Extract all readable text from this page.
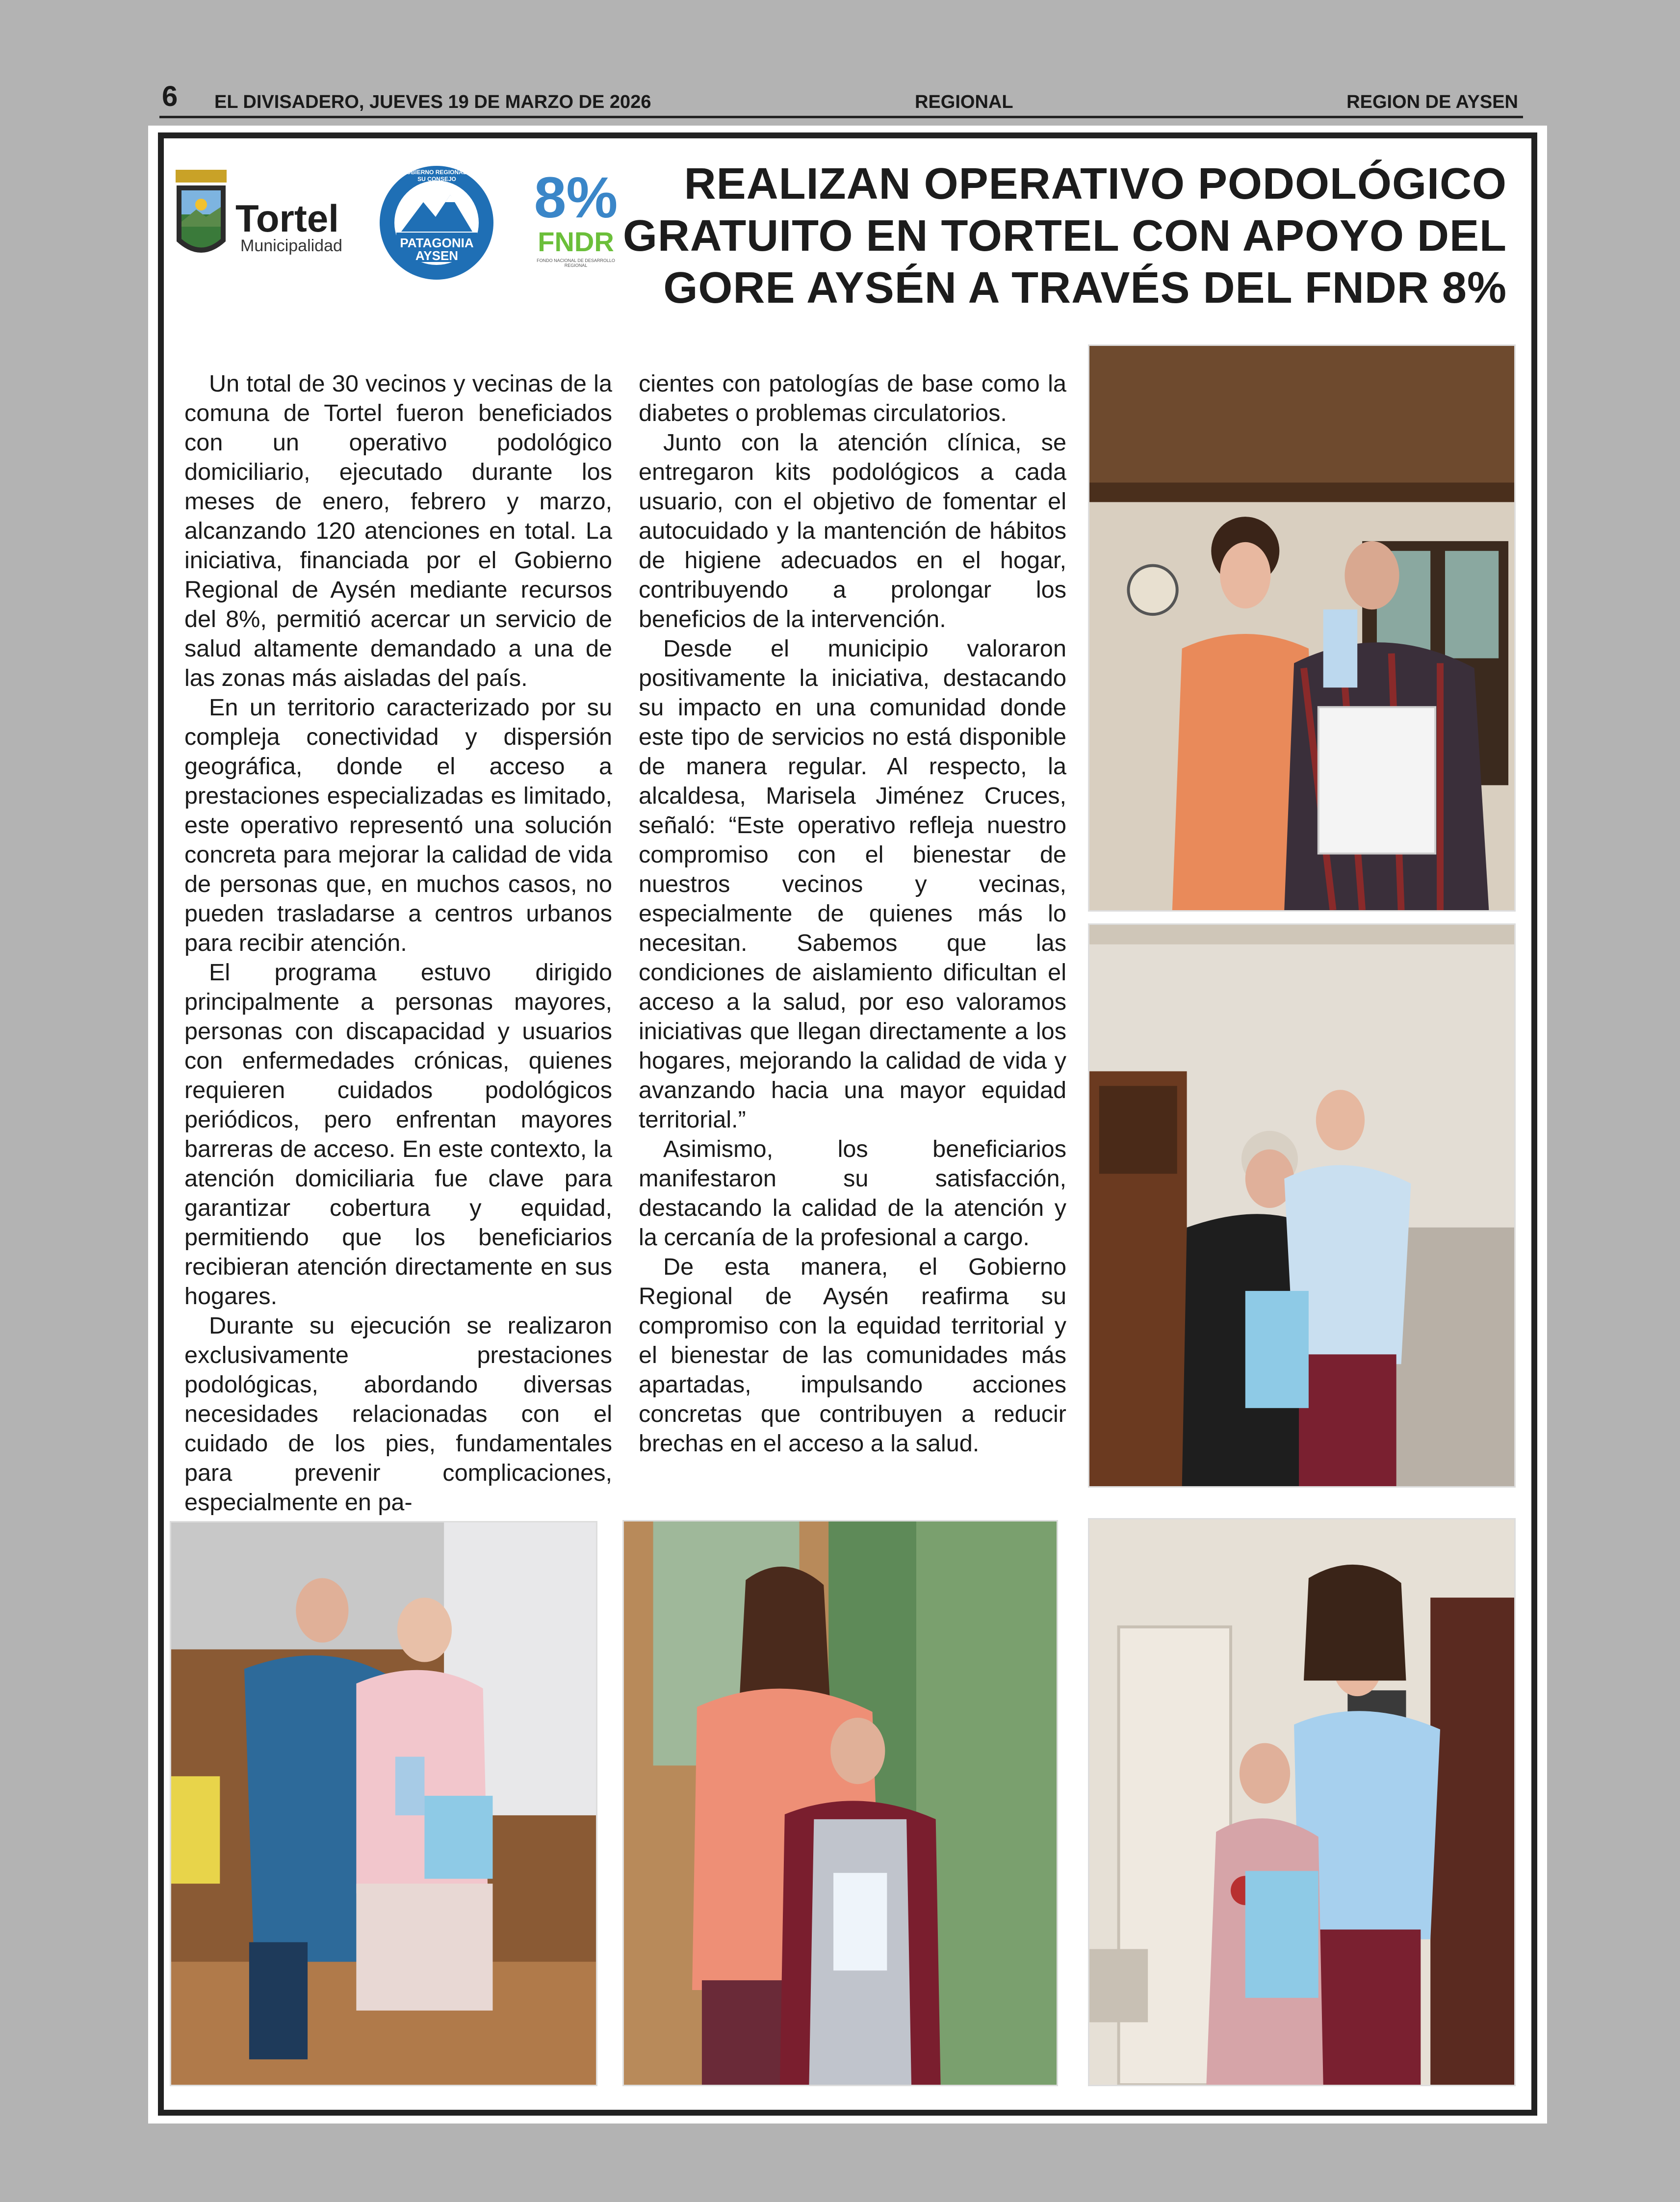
6 EL DIVISADERO, JUEVES 19 DE MARZO DE 2026	REGIONAL	REGION DE AYSEN
Tortel
Municipalidad
GOBIERNO REGIONAL Y SU CONSEJO
PATAGONIA
AYSEN
8%
FNDR
FONDO NACIONAL DE DESARROLLO REGIONAL
REALIZAN OPERATIVO PODOLÓGICO
GRATUITO EN TORTEL CON APOYO DEL
GORE AYSÉN A TRAVÉS DEL FNDR 8%

Un total de 30 vecinos y vecinas de la comuna de Tortel fueron beneficiados con un operativo podológico domiciliario, ejecutado durante los meses de enero, febrero y marzo, alcanzando 120 atenciones en total. La iniciativa, financiada por el Gobierno Regional de Aysén mediante recursos del 8%, permitió acercar un servicio de salud altamente demandado a una de las zonas más aisladas del país.

En un territorio caracterizado por su compleja conectividad y dispersión geográfica, donde el acceso a prestaciones especializadas es limitado, este operativo representó una solución concreta para mejorar la calidad de vida de personas que, en muchos casos, no pueden trasladarse a centros urbanos para recibir atención.

El programa estuvo dirigido principalmente a personas mayores, personas con discapacidad y usuarios con enfermedades crónicas, quienes requieren cuidados podológicos periódicos, pero enfrentan mayores barreras de acceso. En este contexto, la atención domiciliaria fue clave para garantizar cobertura y equidad, permitiendo que los beneficiarios recibieran atención directamente en sus hogares.

Durante su ejecución se realizaron exclusivamente prestaciones podológicas, abordando diversas necesidades relacionadas con el cuidado de los pies, fundamentales para prevenir complicaciones, especialmente en pa-

cientes con patologías de base como la diabetes o problemas circulatorios.

Junto con la atención clínica, se entregaron kits podológicos a cada usuario, con el objetivo de fomentar el autocuidado y la mantención de hábitos de higiene adecuados en el hogar, contribuyendo a prolongar los beneficios de la intervención.

Desde el municipio valoraron positivamente la iniciativa, destacando su impacto en una comunidad donde este tipo de servicios no está disponible de manera regular. Al respecto, la alcaldesa, Marisela Jiménez Cruces, señaló: “Este operativo refleja nuestro compromiso con el bienestar de nuestros vecinos y vecinas, especialmente de quienes más lo necesitan. Sabemos que las condiciones de aislamiento dificultan el acceso a la salud, por eso valoramos iniciativas que llegan directamente a los hogares, mejorando la calidad de vida y avanzando hacia una mayor equidad territorial.”

Asimismo, los beneficiarios manifestaron su satisfacción, destacando la calidad de la atención y la cercanía de la profesional a cargo.

De esta manera, el Gobierno Regional de Aysén reafirma su compromiso con la equidad territorial y el bienestar de las comunidades más apartadas, impulsando acciones concretas que contribuyen a reducir brechas en el acceso a la salud.
